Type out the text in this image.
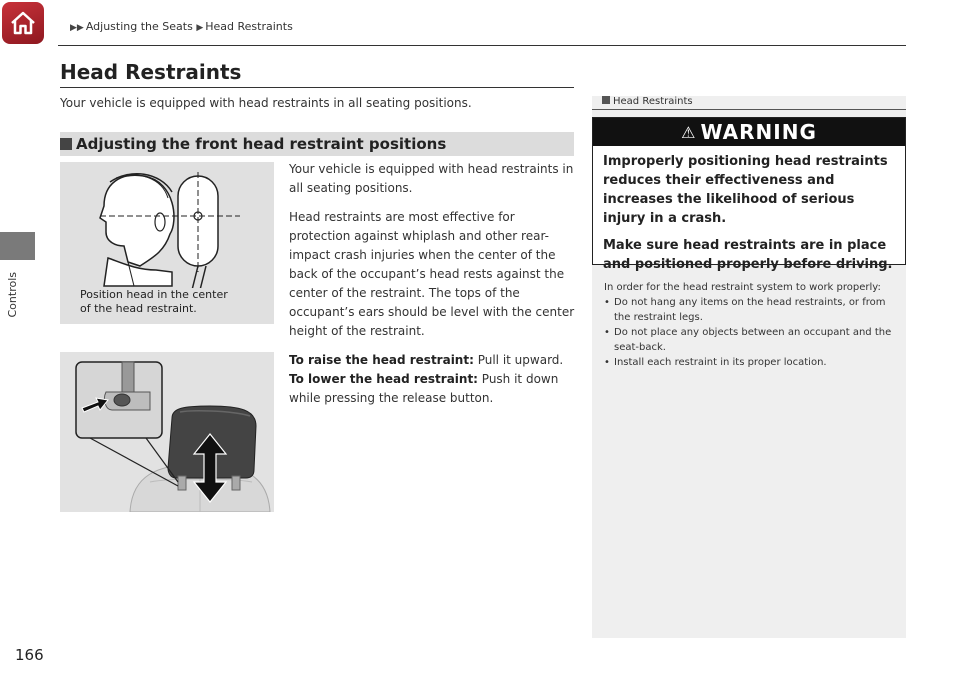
▶▶ Adjusting the Seats ▶ Head Restraints
Controls
166
Head Restraints
Your vehicle is equipped with head restraints in all seating positions.
Adjusting the front head restraint positions
Position head in the center
of the head restraint.

Your vehicle is equipped with head restraints in all seating positions.

Head restraints are most effective for protection against whiplash and other rear-impact crash injuries when the center of the back of the occupant’s head rests against the center of the restraint. The tops of the occupant’s ears should be level with the center height of the restraint.

To raise the head restraint: Pull it upward.
To lower the head restraint: Push it down while pressing the release button.
Head Restraints
⚠ WARNING

Improperly positioning head restraints reduces their effectiveness and increases the likelihood of serious injury in a crash.

Make sure head restraints are in place and positioned properly before driving.

In order for the head restraint system to work properly:
• Do not hang any items on the head restraints, or from the restraint legs.
• Do not place any objects between an occupant and the seat-back.
• Install each restraint in its proper location.
